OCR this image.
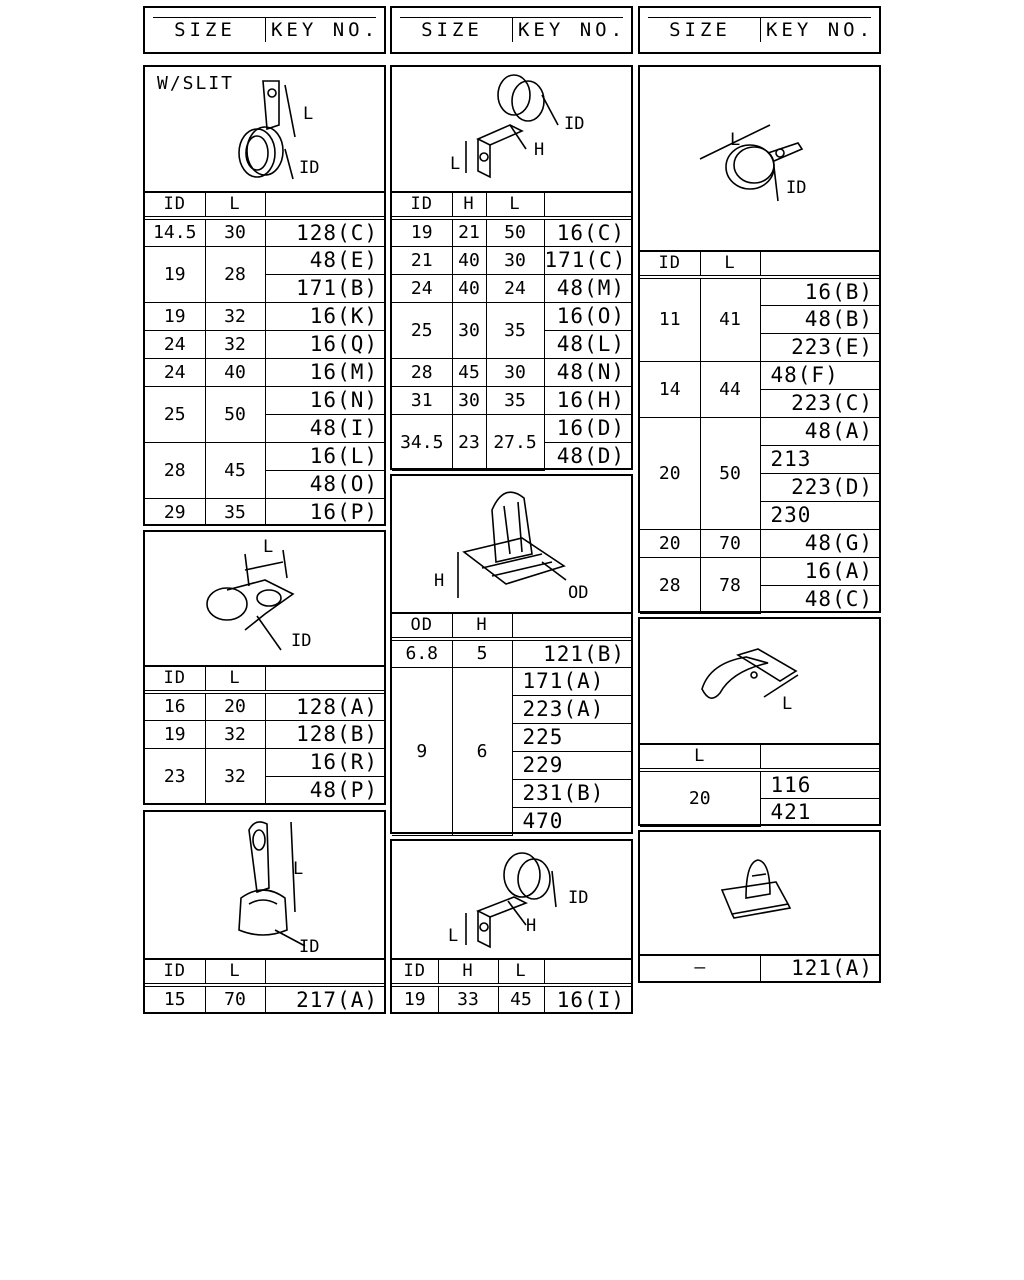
SIZE	KEY NO.	SIZE	KEY NO.	SIZE	KEY NO.
W/SLIT
L
ID
ID	L	
14.5	30	128(C)
19	28	48(E)
		171(B)
19	32	16(K)
24	32	16(Q)
24	40	16(M)
25	50	16(N)
		48(I)
28	45	16(L)
		48(O)
29	35	16(P)
L
ID
ID	L	
16	20	128(A)
19	32	128(B)
23	32	16(R)
		48(P)
L
ID
ID	L	
15	70	217(A)
ID
H
L
ID	H	L	
19	21	50	16(C)
21	40	30	171(C)
24	40	24	48(M)
25	30	35	16(O)
			48(L)
28	45	30	48(N)
31	30	35	16(H)
34.5	23	27.5	16(D)
			48(D)
H
OD
OD	H	
6.8	5	121(B)
9	6	171(A)
		223(A)
		225
		229
		231(B)
		470
ID
H
L
ID	H	L	
19	33	45	16(I)
L
ID
ID	L	
11	41	16(B)
		48(B)
		223(E)
14	44	48(F)
		223(C)
20	50	48(A)
		213
		223(D)
		230
20	70	48(G)
28	78	16(A)
		48(C)
L
L	
20	116
	421
–	121(A)
